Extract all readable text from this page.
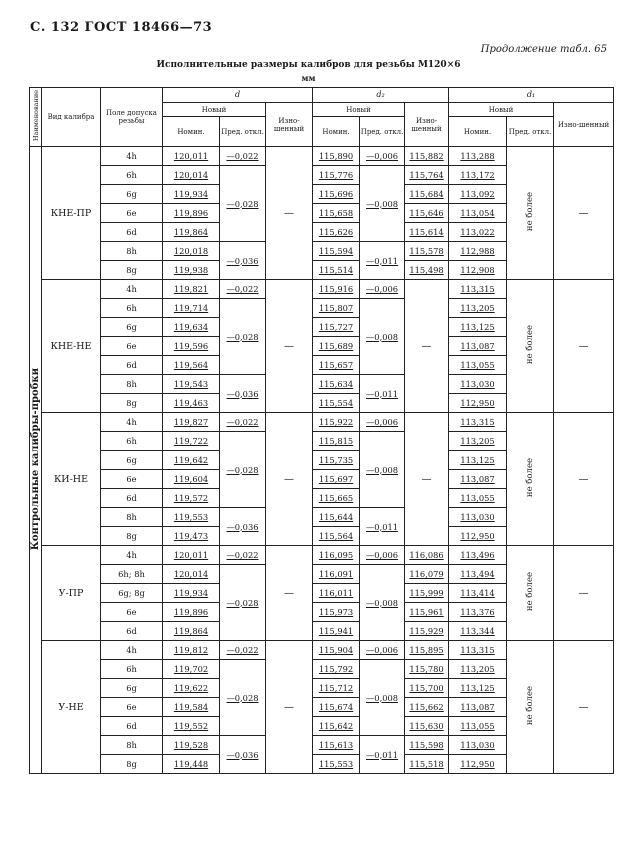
С. 132 ГОСТ 18466—73
Продолжение табл. 65
Исполнительные размеры калибров для резьбы М120×6
мм
Наименование	Вид калибра	Поле допуска резьбы	d			d₂			d₁		
			Новый		Изно-шенный	Новый		Изно-шенный	Новый		Изно-шенный
			Номин.	Пред. откл.		Номин.	Пред. откл.		Номин.	Пред. откл.	
Контрольные калибры-пробки	КНЕ-ПР	4h	120,011	—0,022	—	115,890	—0,006	115,882	113,288	не более	—
		6h	120,014	—0,028		115,776	—0,008	115,764	113,172		
		6g	119,934			115,696		115,684	113,092		
		6e	119,896			115,658		115,646	113,054		
		6d	119,864			115,626		115,614	113,022		
		8h	120,018	—0,036		115,594	—0,011	115,578	112,988		
		8g	119,938			115,514		115,498	112,908		
	КНЕ-НЕ	4h	119,821	—0,022	—	115,916	—0,006	—	113,315	не более	—
		6h	119,714	—0,028		115,807	—0,008		113,205		
		6g	119,634			115,727			113,125		
		6e	119,596			115,689			113,087		
		6d	119,564			115,657			113,055		
		8h	119,543	—0,036		115,634	—0,011		113,030		
		8g	119,463			115,554			112,950		
	КИ-НЕ	4h	119,827	—0,022	—	115,922	—0,006	—	113,315	не более	—
		6h	119,722	—0,028		115,815	—0,008		113,205		
		6g	119,642			115,735			113,125		
		6e	119,604			115,697			113,087		
		6d	119,572			115,665			113,055		
		8h	119,553	—0,036		115,644	—0,011		113,030		
		8g	119,473			115,564			112,950		
	У-ПР	4h	120,011	—0,022	—	116,095	—0,006	116,086	113,496	не более	—
		6h; 8h	120,014	—0,028		116,091	—0,008	116,079	113,494		
		6g; 8g	119,934			116,011		115,999	113,414		
		6e	119,896			115,973		115,961	113,376		
		6d	119,864			115,941		115,929	113,344		
	У-НЕ	4h	119,812	—0,022	—	115,904	—0,006	115,895	113,315	не более	—
		6h	119,702	—0,028		115,792	—0,008	115,780	113,205		
		6g	119,622			115,712		115,700	113,125		
		6e	119,584			115,674		115,662	113,087		
		6d	119,552			115,642		115,630	113,055		
		8h	119,528	—0,036		115,613	—0,011	115,598	113,030		
		8g	119,448			115,553		115,518	112,950		
